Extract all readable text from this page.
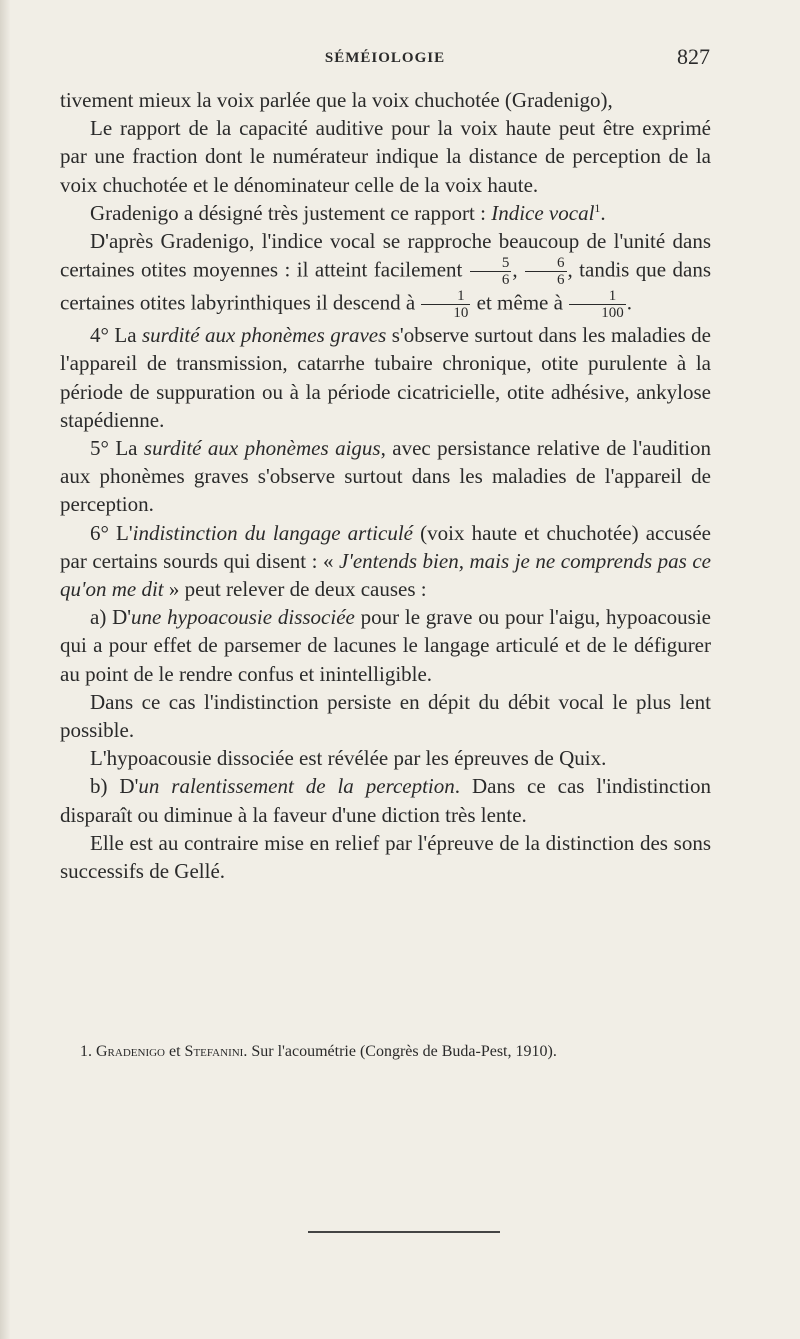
SÉMÉIOLOGIE	827

tivement mieux la voix parlée que la voix chuchotée (Gradenigo),

Le rapport de la capacité auditive pour la voix haute peut être exprimé par une fraction dont le numérateur indique la distance de perception de la voix chuchotée et le dénominateur celle de la voix haute.

Gradenigo a désigné très justement ce rapport : Indice vocal$^1$.

D'après Gradenigo, l'indice vocal se rapproche beaucoup de l'unité dans certaines otites moyennes : il atteint facilement $\frac{5}{6}$ , $\frac{6}{6}$ , tandis que dans certaines otites labyrinthiques il descend à $\frac{1}{10}$ et même à $\frac{1}{100}$ .

4° La surdité aux phonèmes graves s'observe surtout dans les maladies de l'appareil de transmission, catarrhe tubaire chronique, otite purulente à la période de suppuration ou à la période cicatricielle, otite adhésive, ankylose stapédienne.

5° La surdité aux phonèmes aigus, avec persistance relative de l'audition aux phonèmes graves s'observe surtout dans les maladies de l'appareil de perception.

6° L'indistinction du langage articulé (voix haute et chuchotée) accusée par certains sourds qui disent : « J'entends bien, mais je ne comprends pas ce qu'on me dit » peut relever de deux causes :

a) D'une hypoacousie dissociée pour le grave ou pour l'aigu, hypoacousie qui a pour effet de parsemer de lacunes le langage articulé et de le défigurer au point de le rendre confus et inintelligible.

Dans ce cas l'indistinction persiste en dépit du débit vocal le plus lent possible.

L'hypoacousie dissociée est révélée par les épreuves de Quix.

b) D'un ralentissement de la perception. Dans ce cas l'indistinction disparaît ou diminue à la faveur d'une diction très lente.

Elle est au contraire mise en relief par l'épreuve de la distinction des sons successifs de Gellé.

1. Gradenigo et Stefanini. Sur l'acoumétrie (Congrès de Buda-Pest, 1910).
